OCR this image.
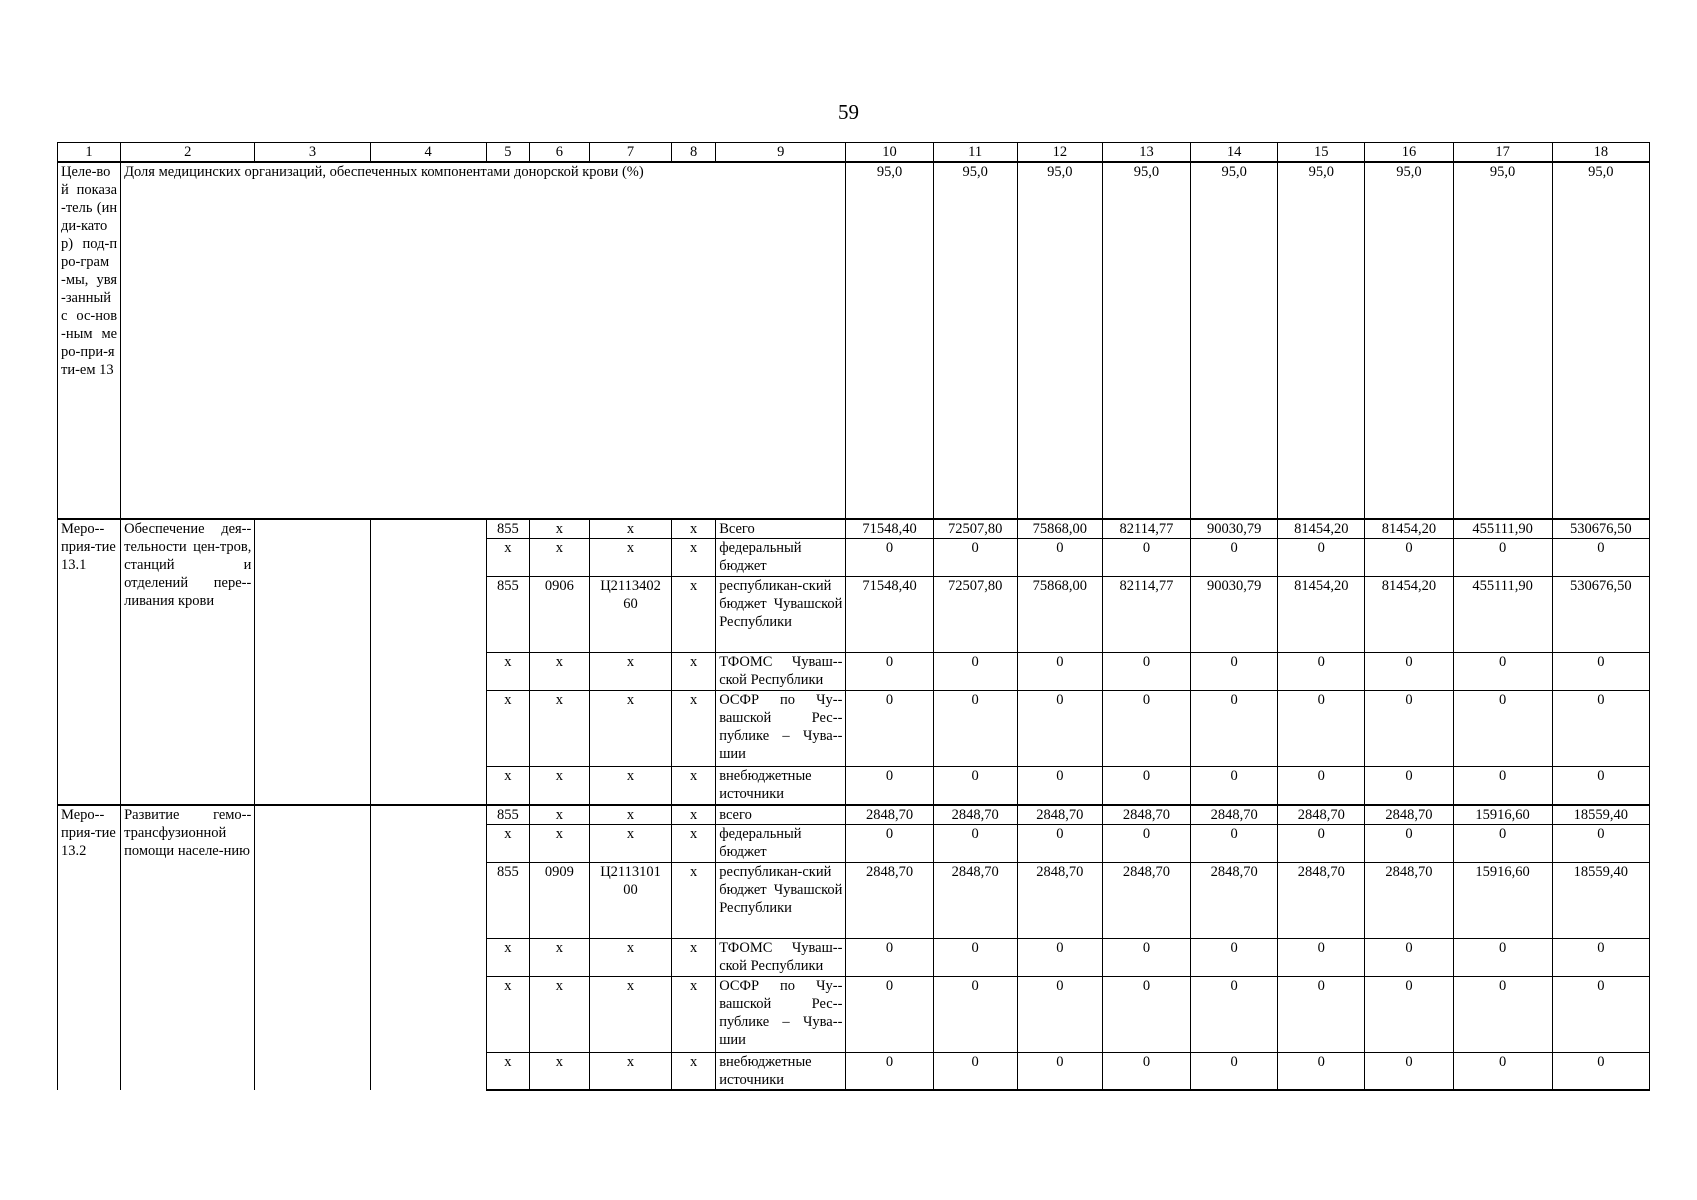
59
1	2	3	4	5	6	7	8	9	10	11	12	13	14	15	16	17	18
Целе-вой показа-тель (инди-катор) под-про-грам-мы, увя-занный с ос-нов-ным меро-при-яти-ем 13	Доля медицинских организаций, обеспеченных компонентами донорской крови (%)								95,0	95,0	95,0	95,0	95,0	95,0	95,0	95,0	95,0
Меро-прия-тие 13.1	Обеспечение дея-тельности цен-тров, станций и отделений пере-ливания крови			855	x	x	x	Всего	71548,40	72507,80	75868,00	82114,77	90030,79	81454,20	81454,20	455111,90	530676,50
				x	x	x	x	федеральный бюджет	0	0	0	0	0	0	0	0	0
				855	0906	Ц2113402 60	x	республикан-ский бюджет Чувашской Республики	71548,40	72507,80	75868,00	82114,77	90030,79	81454,20	81454,20	455111,90	530676,50
				x	x	x	x	ТФОМС Чуваш-ской Республики	0	0	0	0	0	0	0	0	0
				x	x	x	x	ОСФР по Чу-вашской Рес-публике – Чува-шии	0	0	0	0	0	0	0	0	0
				x	x	x	x	внебюджетные источники	0	0	0	0	0	0	0	0	0
Меро-прия-тие 13.2	Развитие гемо-трансфузионной помощи населе-нию			855	x	x	x	всего	2848,70	2848,70	2848,70	2848,70	2848,70	2848,70	2848,70	15916,60	18559,40
				x	x	x	x	федеральный бюджет	0	0	0	0	0	0	0	0	0
				855	0909	Ц2113101 00	x	республикан-ский бюджет Чувашской Республики	2848,70	2848,70	2848,70	2848,70	2848,70	2848,70	2848,70	15916,60	18559,40
				x	x	x	x	ТФОМС Чуваш-ской Республики	0	0	0	0	0	0	0	0	0
				x	x	x	x	ОСФР по Чу-вашской Рес-публике – Чува-шии	0	0	0	0	0	0	0	0	0
				x	x	x	x	внебюджетные источники	0	0	0	0	0	0	0	0	0
